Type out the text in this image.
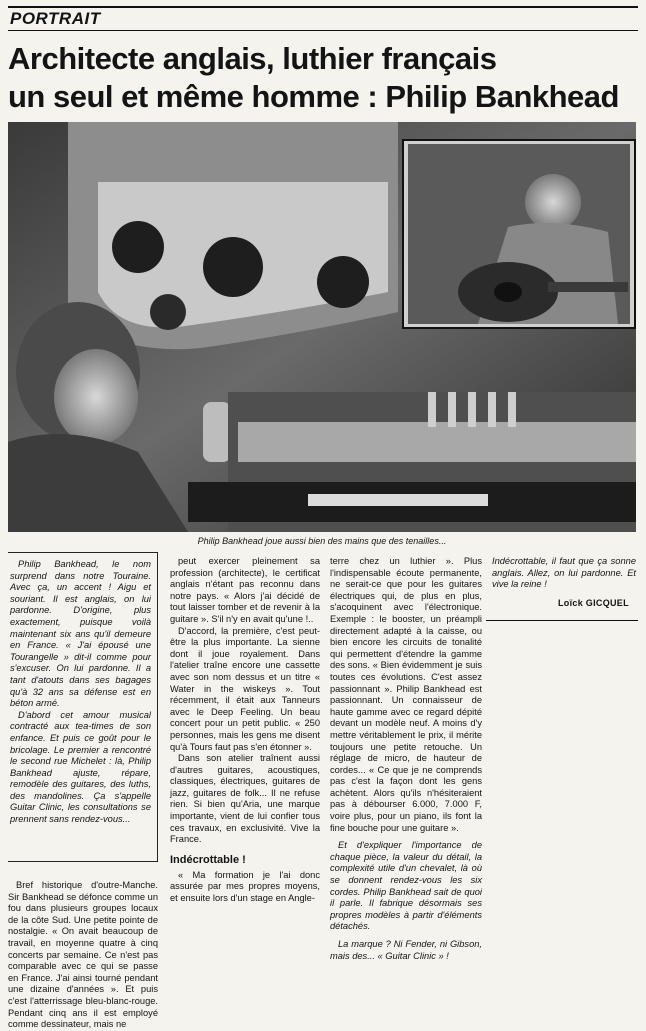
PORTRAIT
Architecte anglais, luthier français
un seul et même homme : Philip Bankhead
Philip Bankhead joue aussi bien des mains que des tenailles...

Philip Bankhead, le nom surprend dans notre Touraine. Avec ça, un accent ! Aigu et souriant. Il est anglais, on lui pardonne. D'origine, plus exactement, puisque voilà maintenant six ans qu'il demeure en France. « J'ai épousé une Tourangelle » dit-il comme pour s'excuser. On lui pardonne. Il a tant d'atouts dans ses bagages qu'à 32 ans sa défense est en béton armé.

D'abord cet amour musical contracté aux tea-times de son enfance. Et puis ce goût pour le bricolage. Le premier a rencontré le second rue Michelet : là, Philip Bankhead ajuste, répare, remodèle des guitares, des luths, des mandolines. Ça s'appelle Guitar Clinic, les consultations se prennent sans rendez-vous...

Bref historique d'outre-Manche. Sir Bankhead se défonce comme un fou dans plusieurs groupes locaux de la côte Sud. Une petite pointe de nostalgie. « On avait beaucoup de travail, en moyenne quatre à cinq concerts par semaine. Ce n'est pas comparable avec ce qui se passe en France. J'ai ainsi tourné pendant une dizaine d'années ». Et puis c'est l'atterrissage bleu-blanc-rouge. Pendant cinq ans il est employé comme dessinateur, mais ne

peut exercer pleinement sa profession (architecte), le certificat anglais n'étant pas reconnu dans notre pays. « Alors j'ai décidé de tout laisser tomber et de revenir à la guitare ». S'il n'y en avait qu'une !..

D'accord, la première, c'est peut-être la plus importante. La sienne dont il joue royalement. Dans l'atelier traîne encore une cassette avec son nom dessus et un titre « Water in the wiskeys ». Tout récemment, il était aux Tanneurs avec le Deep Feeling. Un beau concert pour un petit public. « 250 personnes, mais les gens me disent qu'à Tours faut pas s'en étonner ».

Dans son atelier traînent aussi d'autres guitares, acoustiques, classiques, électriques, guitares de jazz, guitares de folk... Il ne refuse rien. Si bien qu'Aria, une marque importante, vient de lui confier tous ces travaux, en exclusivité. Vive la France.

Indécrottable !

« Ma formation je l'ai donc assurée par mes propres moyens, et ensuite lors d'un stage en Angle-

terre chez un luthier ». Plus l'indispensable écoute permanente, ne serait-ce que pour les guitares électriques qui, de plus en plus, s'acoquinent avec l'électronique. Exemple : le booster, un préampli directement adapté à la caisse, ou bien encore les circuits de tonalité qui permettent d'étendre la gamme des sons. « Bien évidemment je suis toutes ces évolutions. C'est assez passionnant ». Philip Bankhead est passionnant. Un connaisseur de haute gamme avec ce regard dépité devant un modèle neuf. A moins d'y mettre véritablement le prix, il mérite toujours une petite retouche. Un réglage de micro, de hauteur de cordes... « Ce que je ne comprends pas c'est la façon dont les gens achètent. Alors qu'ils n'hésiteraient pas à débourser 6.000, 7.000 F, voire plus, pour un piano, ils font la fine bouche pour une guitare ».

Et d'expliquer l'importance de chaque pièce, la valeur du détail, la complexité utile d'un chevalet, là où se donnent rendez-vous les six cordes. Philip Bankhead sait de quoi il parle. Il fabrique désormais ses propres modèles à partir d'éléments détachés.

La marque ? Ni Fender, ni Gibson, mais des... « Guitar Clinic » !

Indécrottable, il faut que ça sonne anglais. Allez, on lui pardonne. Et vive la reine !

Loïck GICQUEL
